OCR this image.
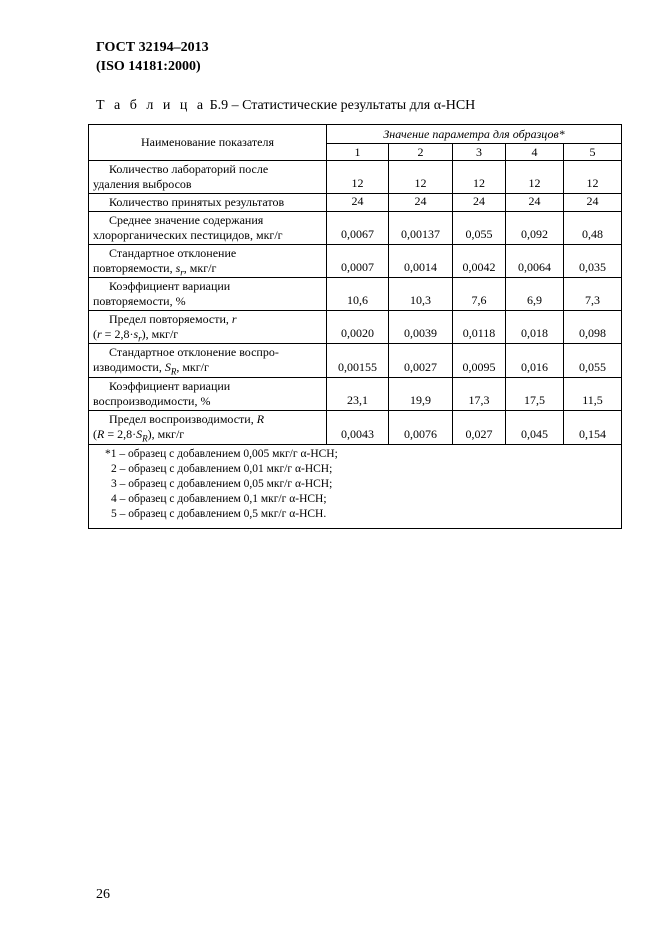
ГОСТ 32194–2013
(ISO 14181:2000)
Т а б л и ц а Б.9 – Статистические результаты для α-HCH
Наименование показателя	Значение параметра для образцов*				
	1	2	3	4	5

Количество лабораторий после
удаления выбросов	12	12	12	12	12

Количество принятых результатов	24	24	24	24	24

Среднее значение содержания
хлорорганических пестицидов, мкг/г	0,0067	0,00137	0,055	0,092	0,48

Стандартное отклонение
повторяемости, $s_r$, мкг/г	0,0007	0,0014	0,0042	0,0064	0,035

Коэффициент вариации
повторяемости, %	10,6	10,3	7,6	6,9	7,3

Предел повторяемости, r
$(r = 2,8\cdot s_r)$, мкг/г	0,0020	0,0039	0,0118	0,018	0,098

Стандартное отклонение воспро-
изводимости, $S_R$, мкг/г	0,00155	0,0027	0,0095	0,016	0,055

Коэффициент вариации
воспроизводимости, %	23,1	19,9	17,3	17,5	11,5

Предел воспроизводимости, R
$(R = 2,8\cdot S_R)$, мкг/г	0,0043	0,0076	0,027	0,045	0,154

*1 – образец с добавлением 0,005 мкг/г α-HCH;
2 – образец с добавлением 0,01 мкг/г α-HCH;
3 – образец с добавлением 0,05 мкг/г α-HCH;
4 – образец с добавлением 0,1 мкг/г α-HCH;
5 – образец с добавлением 0,5 мкг/г α-HCH.					
26
